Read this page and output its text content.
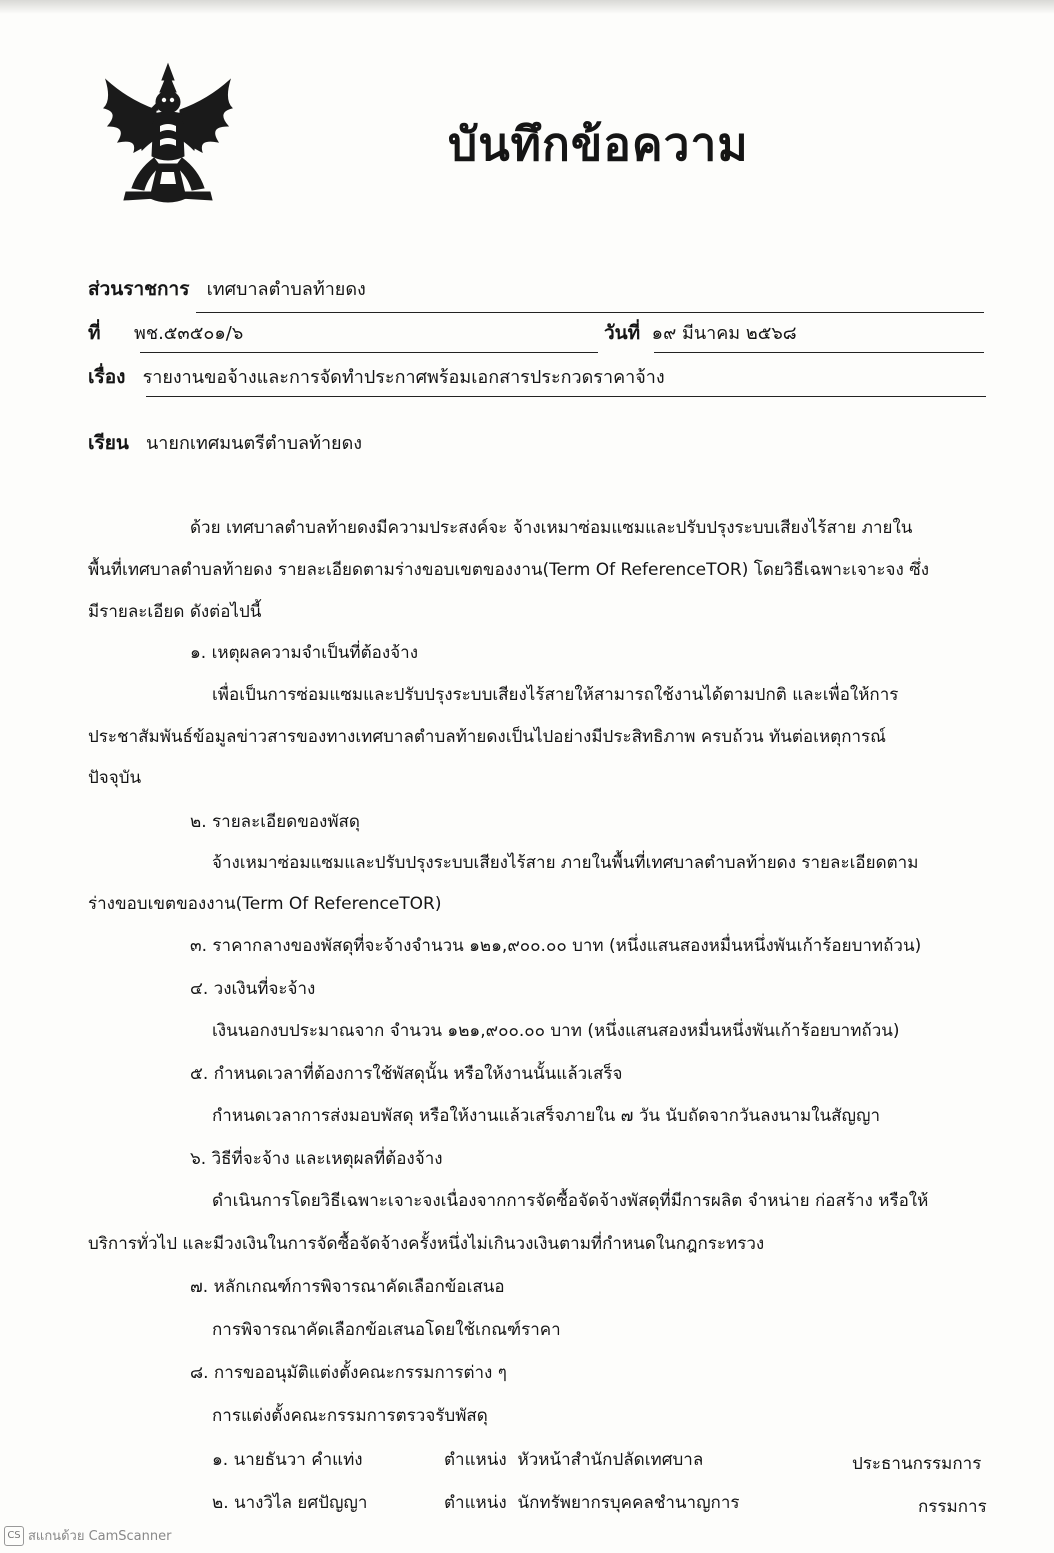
บันทึกข้อความ
ส่วนราชการ เทศบาลตำบลท้ายดง
ที่ พช.๕๓๕๐๑/๖	วันที่ ๑๙ มีนาคม ๒๕๖๘
เรื่อง รายงานขอจ้างและการจัดทำประกาศพร้อมเอกสารประกวดราคาจ้าง
เรียน นายกเทศมนตรีตำบลท้ายดง
ด้วย เทศบาลตำบลท้ายดงมีความประสงค์จะ จ้างเหมาซ่อมแซมและปรับปรุงระบบเสียงไร้สาย ภายใน
พื้นที่เทศบาลตำบลท้ายดง รายละเอียดตามร่างขอบเขตของงาน(Term Of ReferenceTOR) โดยวิธีเฉพาะเจาะจง ซึ่ง
มีรายละเอียด ดังต่อไปนี้
๑. เหตุผลความจำเป็นที่ต้องจ้าง
เพื่อเป็นการซ่อมแซมและปรับปรุงระบบเสียงไร้สายให้สามารถใช้งานได้ตามปกติ และเพื่อให้การ
ประชาสัมพันธ์ข้อมูลข่าวสารของทางเทศบาลตำบลท้ายดงเป็นไปอย่างมีประสิทธิภาพ ครบถ้วน ทันต่อเหตุการณ์
ปัจจุบัน
๒. รายละเอียดของพัสดุ
จ้างเหมาซ่อมแซมและปรับปรุงระบบเสียงไร้สาย ภายในพื้นที่เทศบาลตำบลท้ายดง รายละเอียดตาม
ร่างขอบเขตของงาน(Term Of ReferenceTOR)
๓. ราคากลางของพัสดุที่จะจ้างจำนวน ๑๒๑,๙๐๐.๐๐ บาท (หนึ่งแสนสองหมื่นหนึ่งพันเก้าร้อยบาทถ้วน)
๔. วงเงินที่จะจ้าง
เงินนอกงบประมาณจาก จำนวน ๑๒๑,๙๐๐.๐๐ บาท (หนึ่งแสนสองหมื่นหนึ่งพันเก้าร้อยบาทถ้วน)
๕. กำหนดเวลาที่ต้องการใช้พัสดุนั้น หรือให้งานนั้นแล้วเสร็จ
กำหนดเวลาการส่งมอบพัสดุ หรือให้งานแล้วเสร็จภายใน ๗ วัน นับถัดจากวันลงนามในสัญญา
๖. วิธีที่จะจ้าง และเหตุผลที่ต้องจ้าง
ดำเนินการโดยวิธีเฉพาะเจาะจงเนื่องจากการจัดซื้อจัดจ้างพัสดุที่มีการผลิต จำหน่าย ก่อสร้าง หรือให้
บริการทั่วไป และมีวงเงินในการจัดซื้อจัดจ้างครั้งหนึ่งไม่เกินวงเงินตามที่กำหนดในกฎกระทรวง
๗. หลักเกณฑ์การพิจารณาคัดเลือกข้อเสนอ
การพิจารณาคัดเลือกข้อเสนอโดยใช้เกณฑ์ราคา
๘. การขออนุมัติแต่งตั้งคณะกรรมการต่าง ๆ
การแต่งตั้งคณะกรรมการตรวจรับพัสดุ
๑. นายธันวา คำแท่ง	ตำแหน่ง หัวหน้าสำนักปลัดเทศบาล	ประธานกรรมการ
๒. นางวิไล ยศปัญญา	ตำแหน่ง นักทรัพยากรบุคคลชำนาญการ	กรรมการ
CS สแกนด้วย CamScanner
